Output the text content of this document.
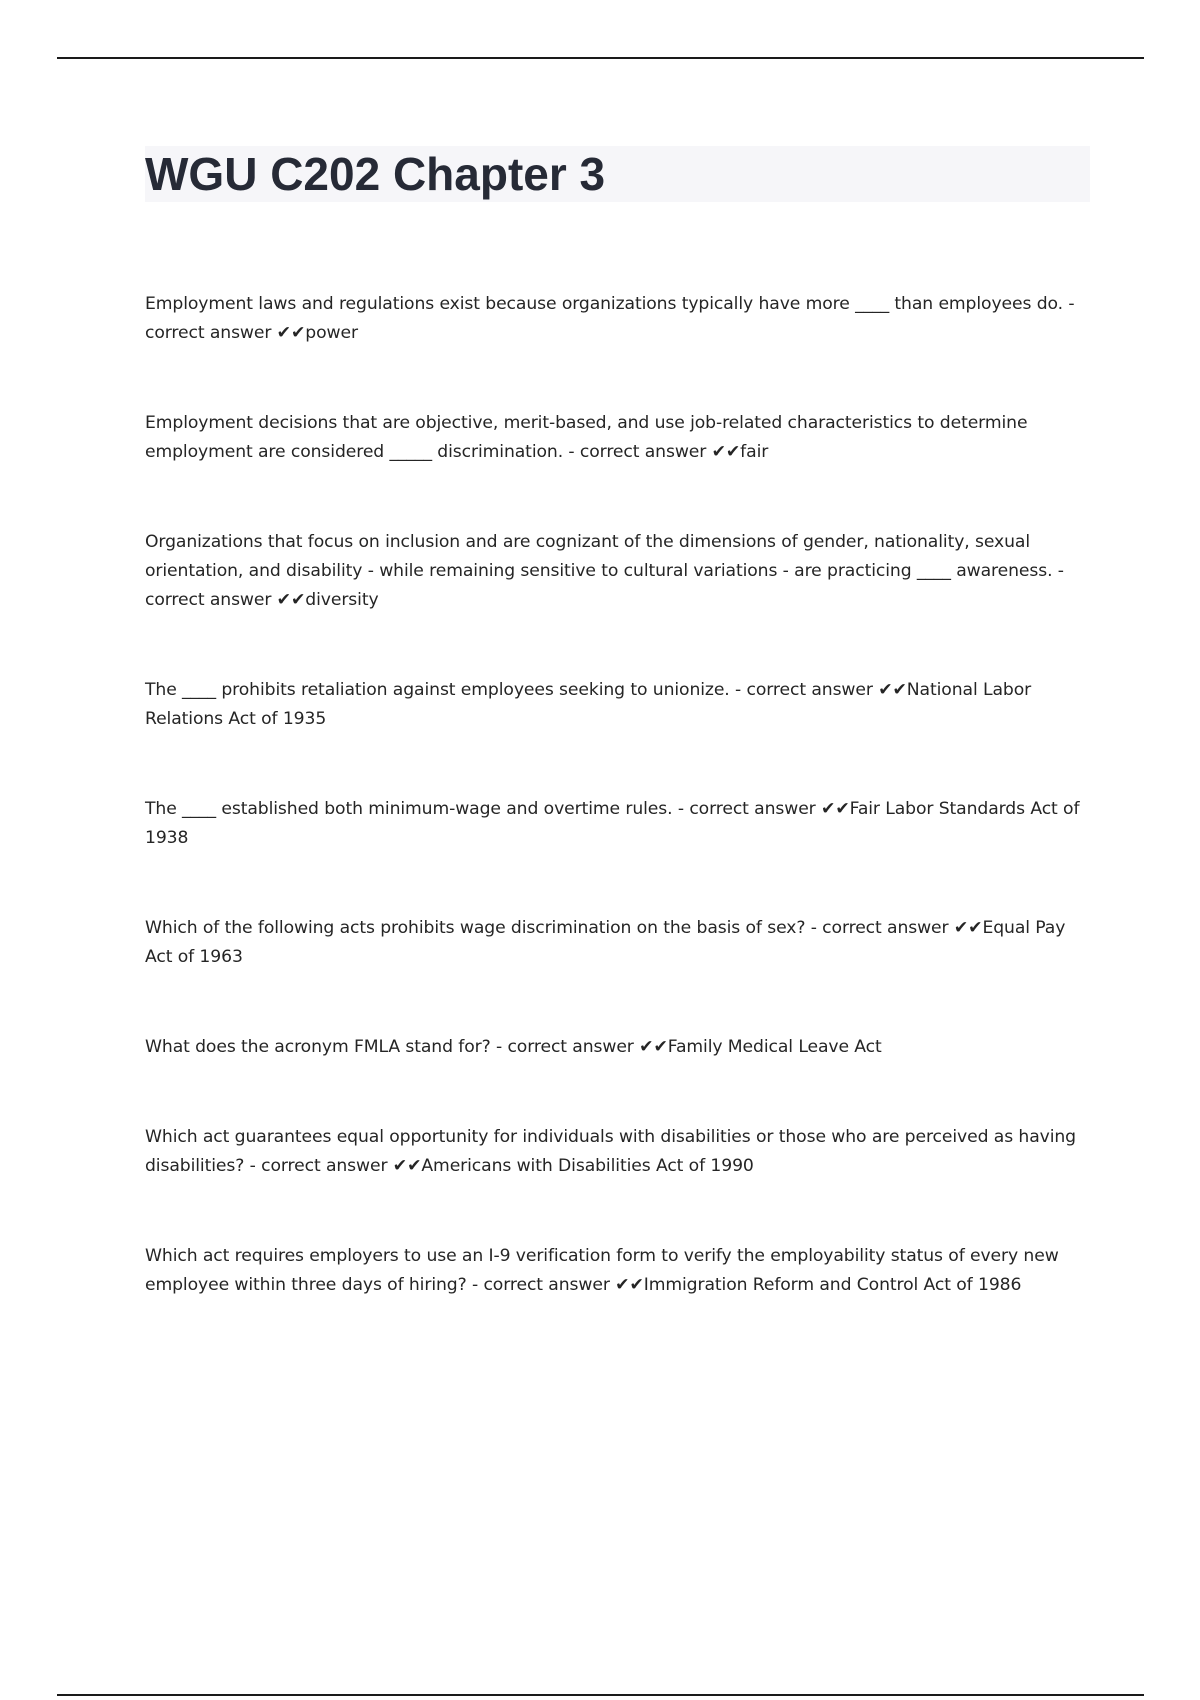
WGU C202 Chapter 3
Employment laws and regulations exist because organizations typically have more ____ than employees do. - correct answer ✔✔power
Employment decisions that are objective, merit-based, and use job-related characteristics to determine employment are considered _____ discrimination. - correct answer ✔✔fair
Organizations that focus on inclusion and are cognizant of the dimensions of gender, nationality, sexual orientation, and disability - while remaining sensitive to cultural variations - are practicing ____ awareness. - correct answer ✔✔diversity
The ____ prohibits retaliation against employees seeking to unionize. - correct answer ✔✔National Labor Relations Act of 1935
The ____ established both minimum-wage and overtime rules. - correct answer ✔✔Fair Labor Standards Act of 1938
Which of the following acts prohibits wage discrimination on the basis of sex? - correct answer ✔✔Equal Pay Act of 1963
What does the acronym FMLA stand for? - correct answer ✔✔Family Medical Leave Act
Which act guarantees equal opportunity for individuals with disabilities or those who are perceived as having disabilities? - correct answer ✔✔Americans with Disabilities Act of 1990
Which act requires employers to use an I-9 verification form to verify the employability status of every new employee within three days of hiring? - correct answer ✔✔Immigration Reform and Control Act of 1986
